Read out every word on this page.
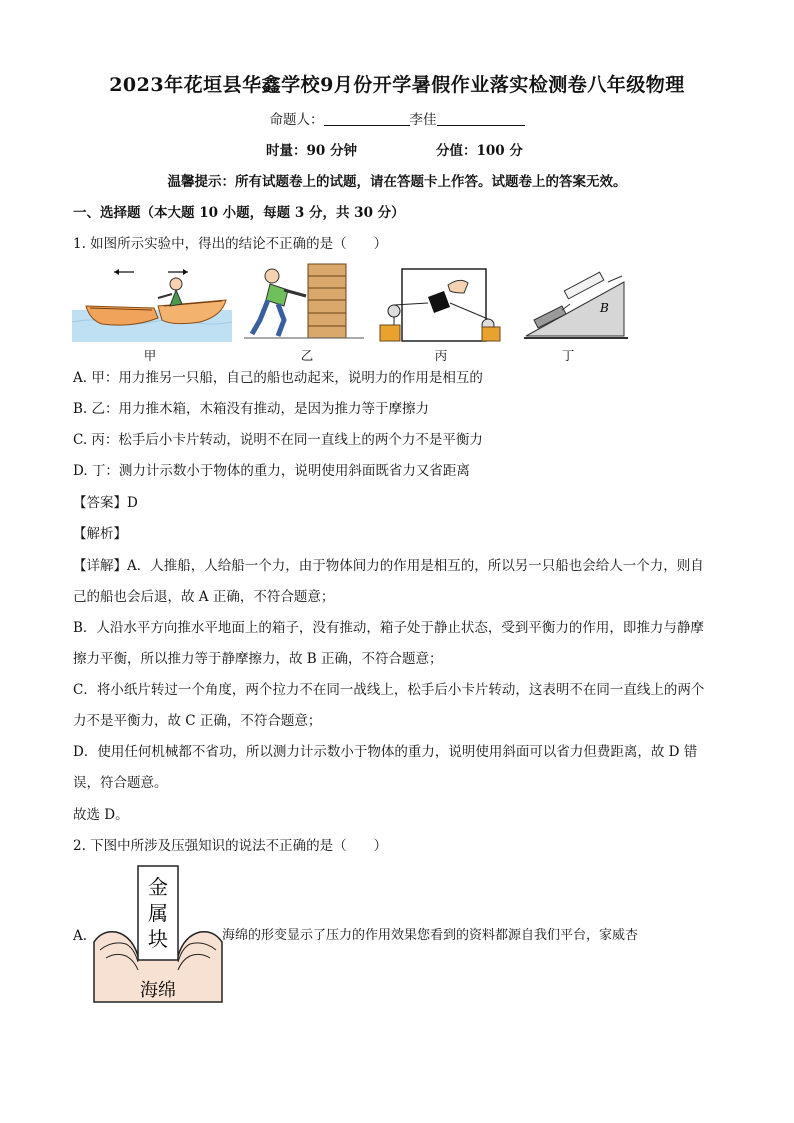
2023年花垣县华鑫学校9月份开学暑假作业落实检测卷八年级物理
命题人：	李佳
时量：90 分钟	分值：100 分
温馨提示：所有试题卷上的试题，请在答题卡上作答。试题卷上的答案无效。
一、选择题（本大题 10 小题，每题 3 分，共 30 分）
1. 如图所示实验中，得出的结论不正确的是（　　）
甲	乙	丙
B
丁
A. 甲：用力推另一只船，自己的船也动起来，说明力的作用是相互的
B. 乙：用力推木箱，木箱没有推动，是因为推力等于摩擦力
C. 丙：松手后小卡片转动，说明不在同一直线上的两个力不是平衡力
D. 丁：测力计示数小于物体的重力，说明使用斜面既省力又省距离
【答案】D
【解析】
【详解】A．人推船，人给船一个力，由于物体间力的作用是相互的，所以另一只船也会给人一个力，则自
己的船也会后退，故 A 正确，不符合题意；
B．人沿水平方向推水平地面上的箱子，没有推动，箱子处于静止状态，受到平衡力的作用，即推力与静摩
擦力平衡，所以推力等于静摩擦力，故 B 正确，不符合题意；
C．将小纸片转过一个角度，两个拉力不在同一战线上，松手后小卡片转动，这表明不在同一直线上的两个
力不是平衡力，故 C 正确，不符合题意；
D．使用任何机械都不省功，所以测力计示数小于物体的重力，说明使用斜面可以省力但费距离，故 D 错
误，符合题意。
故选 D。
2. 下图中所涉及压强知识的说法不正确的是（　　）
A.
金
属
块
海绵
海绵的形变显示了压力的作用效果您看到的资料都源自我们平台，家威杏
